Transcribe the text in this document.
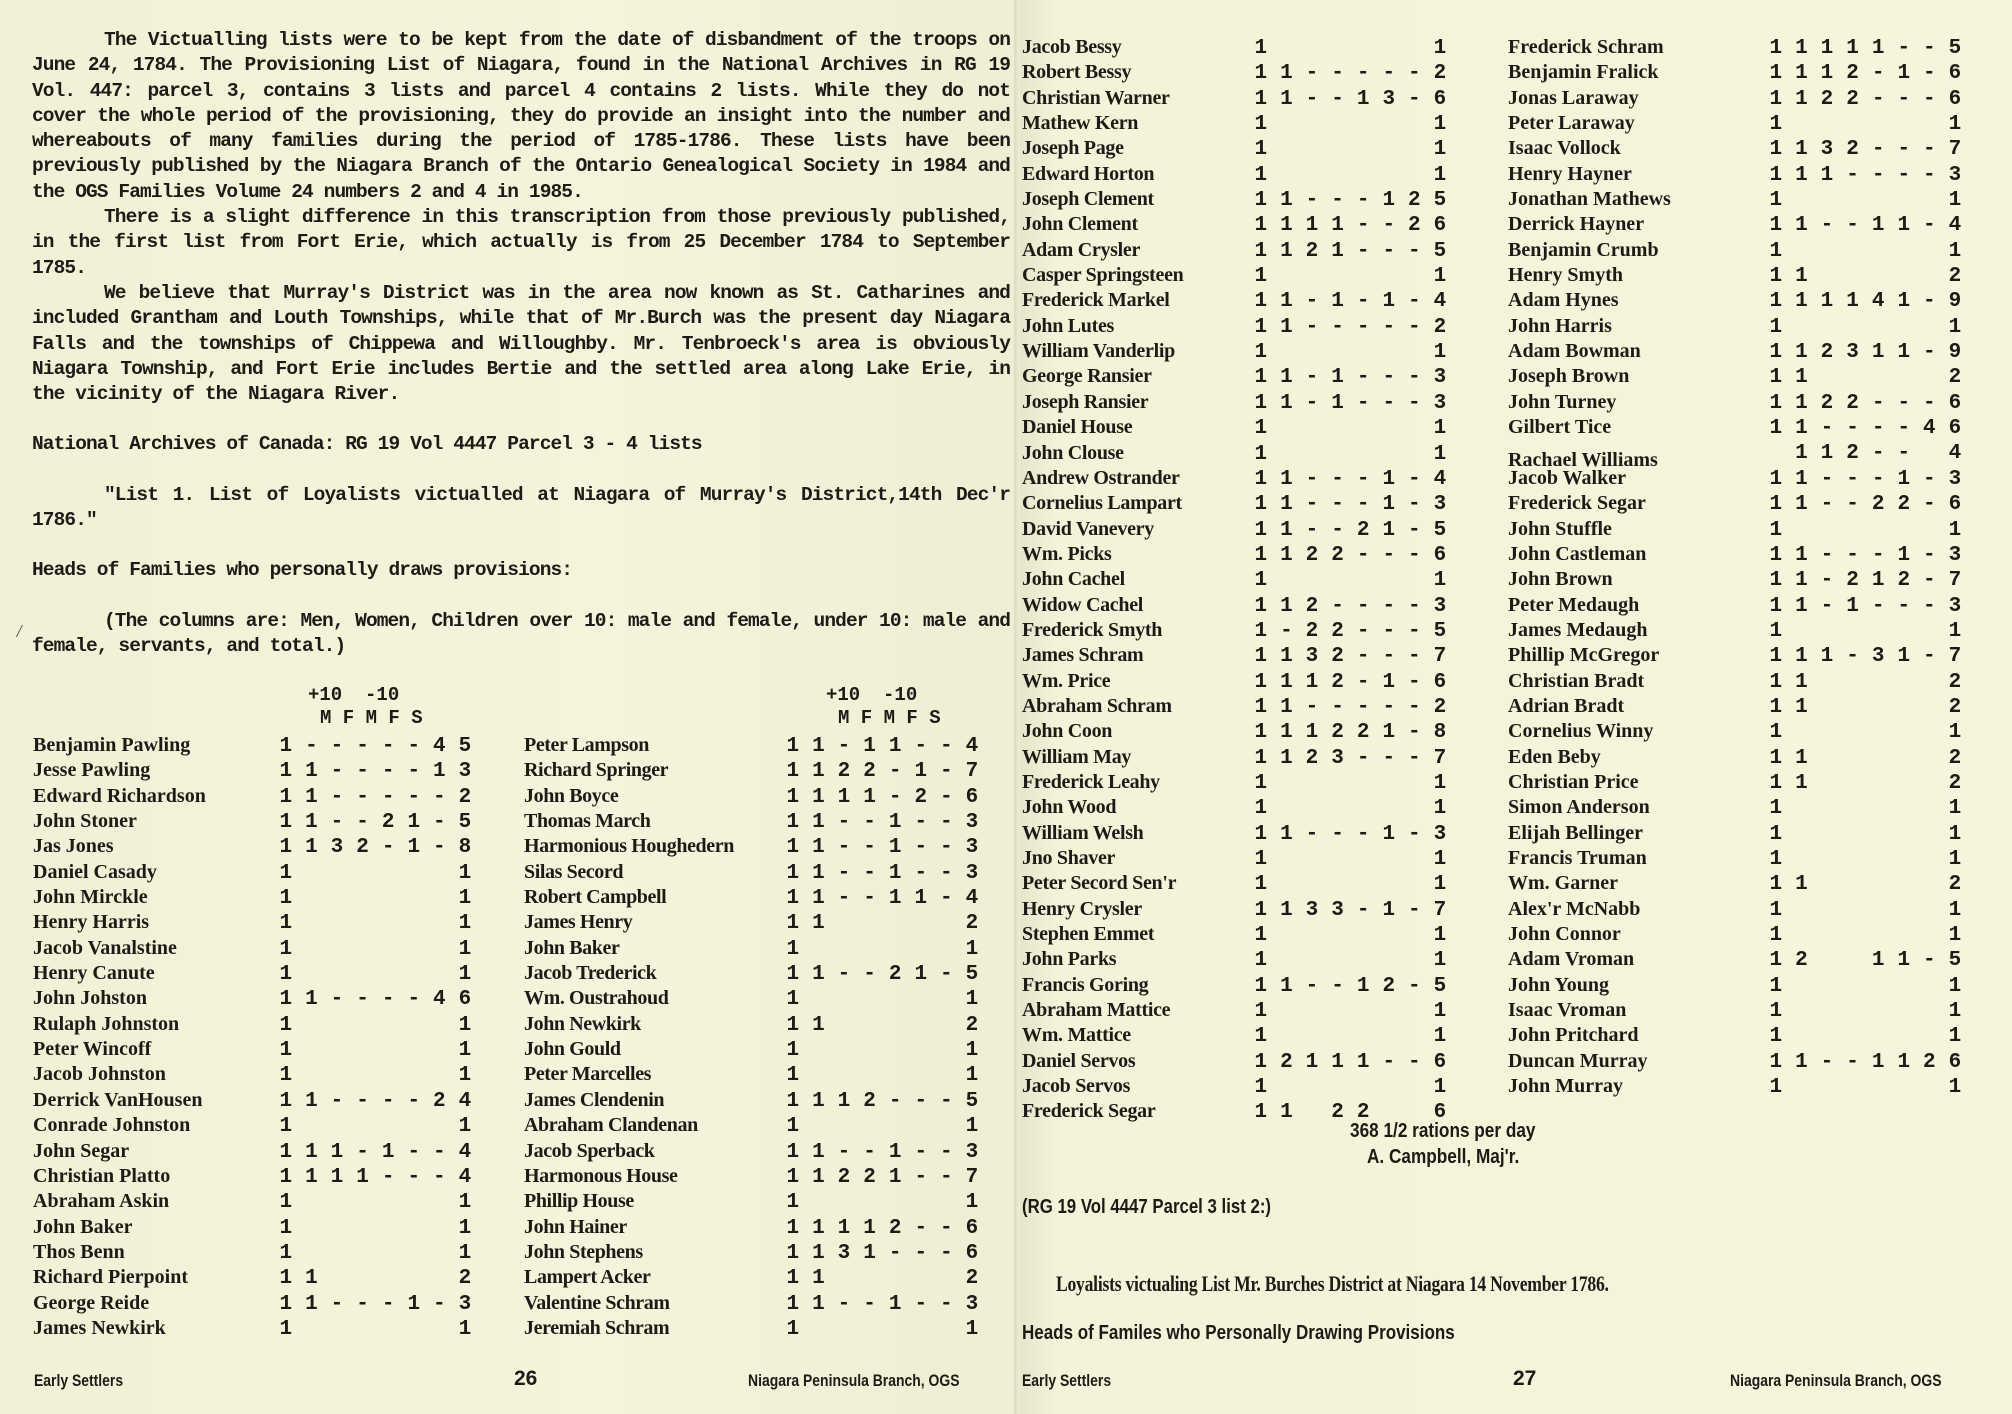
The Victualling lists were to be kept from the date of disbandment of the troops on June 24, 1784. The Provisioning List of Niagara, found in the National Archives in RG 19 Vol. 447: parcel 3, contains 3 lists and parcel 4 contains 2 lists. While they do not cover the whole period of the provisioning, they do provide an insight into the number and whereabouts of many families during the period of 1785-1786. These lists have been previously published by the Niagara Branch of the Ontario Genealogical Society in 1984 and the OGS Families Volume 24 numbers 2 and 4 in 1985.

There is a slight difference in this transcription from those previously published, in the first list from Fort Erie, which actually is from 25 December 1784 to September 1785.

We believe that Murray's District was in the area now known as St. Catharines and included Grantham and Louth Townships, while that of Mr.Burch was the present day Niagara Falls and the townships of Chippewa and Willoughby. Mr. Tenbroeck's area is obviously Niagara Township, and Fort Erie includes Bertie and the settled area along Lake Erie, in the vicinity of the Niagara River.

National Archives of Canada: RG 19 Vol 4447 Parcel 3 - 4 lists

"List 1. List of Loyalists victualled at Niagara of Murray's District,14th Dec'r 1786."

Heads of Families who personally draws provisions:

(The columns are: Men, Women, Children over 10: male and female, under 10: male and female, servants, and total.)

⁄
+10  -10
M F M F S
+10  -10
M F M F S
Benjamin Pawling	1 - - - - - 4 5
Jesse Pawling	1 1 - - - - 1 3
Edward Richardson	1 1 - - - - - 2
John Stoner	1 1 - - 2 1 - 5
Jas Jones	1 1 3 2 - 1 - 8
Daniel Casady	1	1
John Mirckle	1	1
Henry Harris	1	1
Jacob Vanalstine	1	1
Henry Canute	1	1
John Johston	1 1 - - - - 4 6
Rulaph Johnston	1	1
Peter Wincoff	1	1
Jacob Johnston	1	1
Derrick VanHousen	1 1 - - - - 2 4
Conrade Johnston	1	1
John Segar	1 1 1 - 1 - - 4
Christian Platto	1 1 1 1 - - - 4
Abraham Askin	1	1
John Baker	1	1
Thos Benn	1	1
Richard Pierpoint	1 1	2
George Reide	1 1 - - - 1 - 3
James Newkirk	1	1
Peter Lampson	1 1 - 1 1 - - 4
Richard Springer	1 1 2 2 - 1 - 7
John Boyce	1 1 1 1 - 2 - 6
Thomas March	1 1 - - 1 - - 3
Harmonious Houghedern	1 1 - - 1 - - 3
Silas Secord	1 1 - - 1 - - 3
Robert Campbell	1 1 - - 1 1 - 4
James Henry	1 1	2
John Baker	1	1
Jacob Trederick	1 1 - - 2 1 - 5
Wm. Oustrahoud	1	1
John Newkirk	1 1	2
John Gould	1	1
Peter Marcelles	1	1
James Clendenin	1 1 1 2 - - - 5
Abraham Clandenan	1	1
Jacob Sperback	1 1 - - 1 - - 3
Harmonous House	1 1 2 2 1 - - 7
Phillip House	1	1
John Hainer	1 1 1 1 2 - - 6
John Stephens	1 1 3 1 - - - 6
Lampert Acker	1 1	2
Valentine Schram	1 1 - - 1 - - 3
Jeremiah Schram	1	1
Early Settlers	26	Niagara Peninsula Branch, OGS
Jacob Bessy	1	1
Robert Bessy	1 1 - - - - - 2
Christian Warner	1 1 - - 1 3 - 6
Mathew Kern	1	1
Joseph Page	1	1
Edward Horton	1	1
Joseph Clement	1 1 - - - 1 2 5
John Clement	1 1 1 1 - - 2 6
Adam Crysler	1 1 2 1 - - - 5
Casper Springsteen	1	1
Frederick Markel	1 1 - 1 - 1 - 4
John Lutes	1 1 - - - - - 2
William Vanderlip	1	1
George Ransier	1 1 - 1 - - - 3
Joseph Ransier	1 1 - 1 - - - 3
Daniel House	1	1
John Clouse	1	1
Andrew Ostrander	1 1 - - - 1 - 4
Cornelius Lampart	1 1 - - - 1 - 3
David Vanevery	1 1 - - 2 1 - 5
Wm. Picks	1 1 2 2 - - - 6
John Cachel	1	1
Widow Cachel	1 1 2 - - - - 3
Frederick Smyth	1 - 2 2 - - - 5
James Schram	1 1 3 2 - - - 7
Wm. Price	1 1 1 2 - 1 - 6
Abraham Schram	1 1 - - - - - 2
John Coon	1 1 1 2 2 1 - 8
William May	1 1 2 3 - - - 7
Frederick Leahy	1	1
John Wood	1	1
William Welsh	1 1 - - - 1 - 3
Jno Shaver	1	1
Peter Secord Sen'r	1	1
Henry Crysler	1 1 3 3 - 1 - 7
Stephen Emmet	1	1
John Parks	1	1
Francis Goring	1 1 - - 1 2 - 5
Abraham Mattice	1	1
Wm. Mattice	1	1
Daniel Servos	1 2 1 1 1 - - 6
Jacob Servos	1	1
Frederick Segar	1 1	2 2	6
Frederick Schram	1 1 1 1 1 - - 5
Benjamin Fralick	1 1 1 2 - 1 - 6
Jonas Laraway	1 1 2 2 - - - 6
Peter Laraway	1	1
Isaac Vollock	1 1 3 2 - - - 7
Henry Hayner	1 1 1 - - - - 3
Jonathan Mathews	1	1
Derrick Hayner	1 1 - - 1 1 - 4
Benjamin Crumb	1	1
Henry Smyth	1 1	2
Adam Hynes	1 1 1 1 4 1 - 9
John Harris	1	1
Adam Bowman	1 1 2 3 1 1 - 9
Joseph Brown	1 1	2
John Turney	1 1 2 2 - - - 6
Gilbert Tice	1 1 - - - - 4 6
Rachael Williams	1 1 2 - -	4
Jacob Walker	1 1 - - - 1 - 3
Frederick Segar	1 1 - - 2 2 - 6
John Stuffle	1	1
John Castleman	1 1 - - - 1 - 3
John Brown	1 1 - 2 1 2 - 7
Peter Medaugh	1 1 - 1 - - - 3
James Medaugh	1	1
Phillip McGregor	1 1 1 - 3 1 - 7
Christian Bradt	1 1	2
Adrian Bradt	1 1	2
Cornelius Winny	1	1
Eden Beby	1 1	2
Christian Price	1 1	2
Simon Anderson	1	1
Elijah Bellinger	1	1
Francis Truman	1	1
Wm. Garner	1 1	2
Alex'r McNabb	1	1
John Connor	1	1
Adam Vroman	1 2	1 1 - 5
John Young	1	1
Isaac Vroman	1	1
John Pritchard	1	1
Duncan Murray	1 1 - - 1 1 2 6
John Murray	1	1
368 1/2 rations per day
A. Campbell, Maj'r.
(RG 19 Vol 4447 Parcel 3 list 2:)
Loyalists victualing List Mr. Burches District at Niagara 14 November 1786.
Heads of Familes who Personally Drawing Provisions
Early Settlers	27	Niagara Peninsula Branch, OGS
